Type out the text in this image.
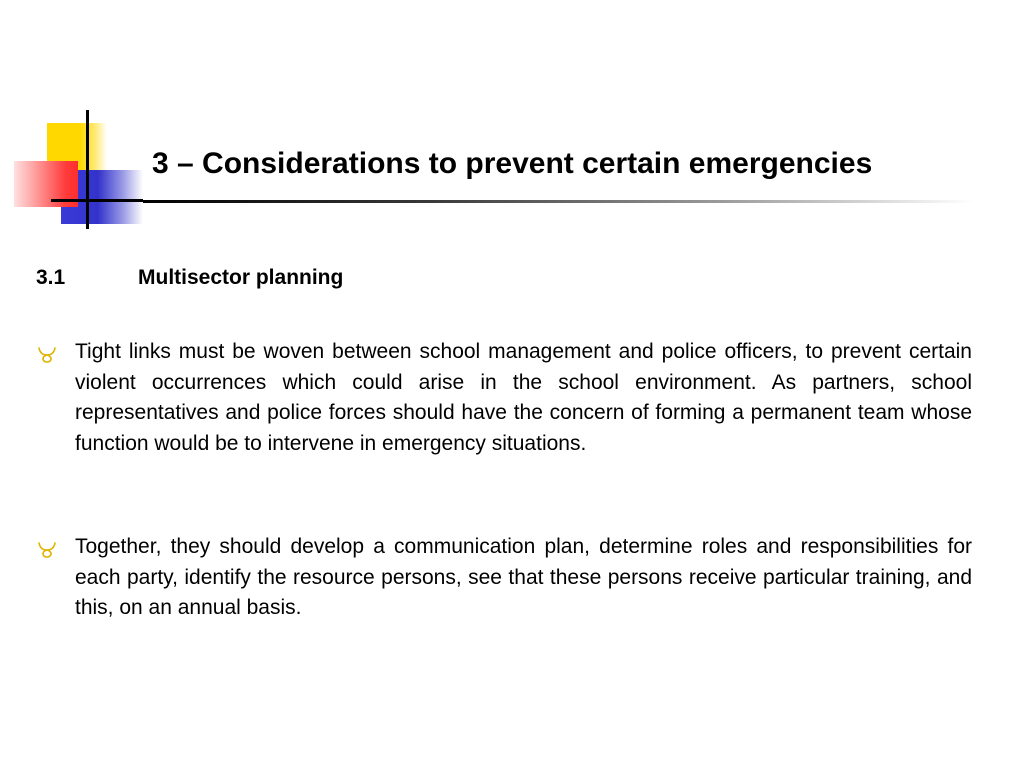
3 – Considerations to prevent certain emergencies
3.1	Multisector planning

Tight links must be woven between school management and police officers, to prevent certain violent occurrences which could arise in the school environment. As partners, school representatives and police forces should have the concern of forming a permanent team whose function would be to intervene in emergency situations.

Together, they should develop a communication plan, determine roles and responsibilities for each party, identify the resource persons, see that these persons receive particular training, and this, on an annual basis.
